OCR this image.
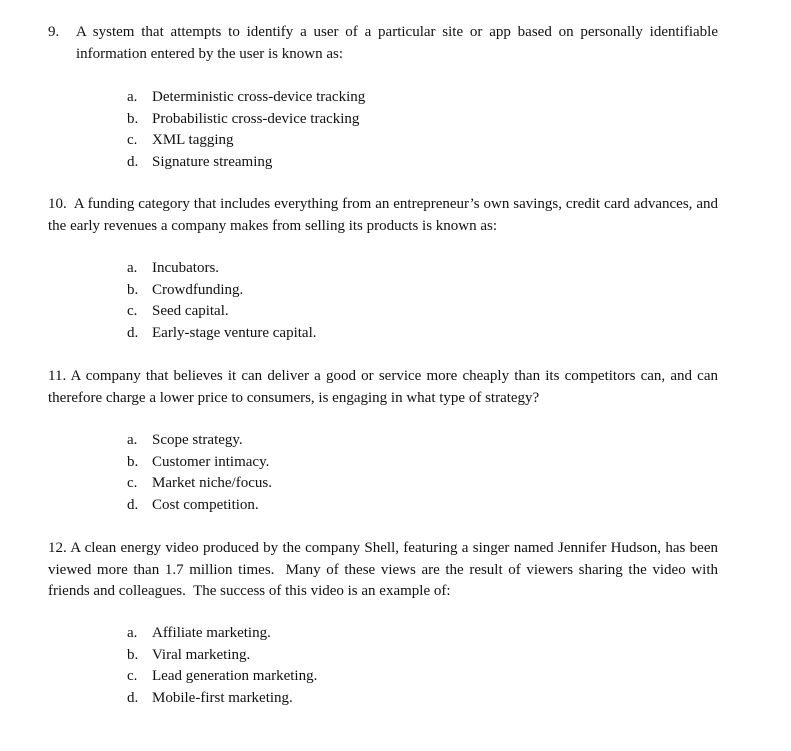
9. A system that attempts to identify a user of a particular site or app based on personally identifiable information entered by the user is known as:
a. Deterministic cross-device tracking
b. Probabilistic cross-device tracking
c. XML tagging
d. Signature streaming
10. A funding category that includes everything from an entrepreneur’s own savings, credit card advances, and the early revenues a company makes from selling its products is known as:
a. Incubators.
b. Crowdfunding.
c. Seed capital.
d. Early-stage venture capital.
11. A company that believes it can deliver a good or service more cheaply than its competitors can, and can therefore charge a lower price to consumers, is engaging in what type of strategy?
a. Scope strategy.
b. Customer intimacy.
c. Market niche/focus.
d. Cost competition.
12. A clean energy video produced by the company Shell, featuring a singer named Jennifer Hudson, has been viewed more than 1.7 million times.  Many of these views are the result of viewers sharing the video with friends and colleagues.  The success of this video is an example of:
a. Affiliate marketing.
b. Viral marketing.
c. Lead generation marketing.
d. Mobile-first marketing.
